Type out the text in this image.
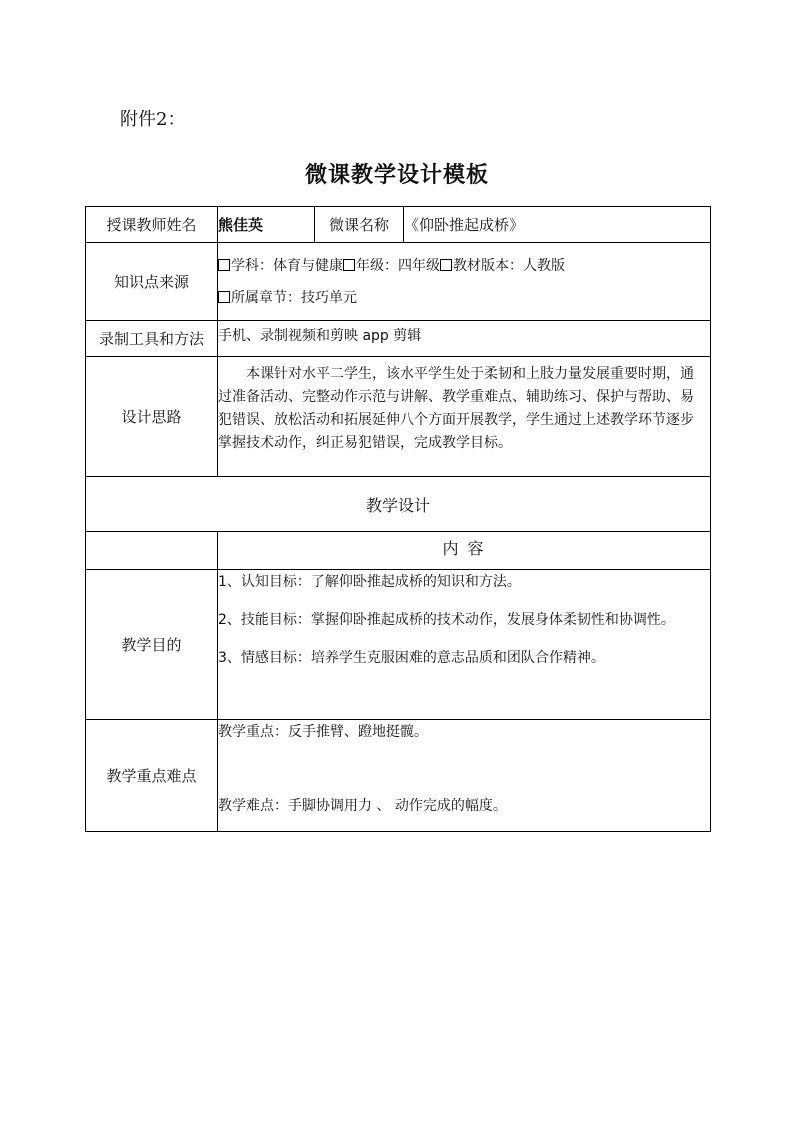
附件2：
微课教学设计模板
授课教师姓名	熊佳英	微课名称	《仰卧推起成桥》
知识点来源	学科：体育与健康 年级：四年级 教材版本：人教版
所属章节：技巧单元		

录制工具和方法	手机、录制视频和剪映 app 剪辑		
设计思路	本课针对水平二学生，该水平学生处于柔韧和上肢力量发展重要时期，通过准备活动、完整动作示范与讲解、教学重难点、辅助练习、保护与帮助、易犯错误、放松活动和拓展延伸八个方面开展教学，学生通过上述教学环节逐步掌握技术动作，纠正易犯错误，完成教学目标。		

教学设计			
	内 容		
教学目的	1、认知目标：了解仰卧推起成桥的知识和方法。
2、技能目标：掌握仰卧推起成桥的技术动作，发展身体柔韧性和协调性。
3、情感目标：培养学生克服困难的意志品质和团队合作精神。		

教学重点难点	教学重点：反手推臂、蹬地挺髋。
教学难点：手脚协调用力 、 动作完成的幅度。		
